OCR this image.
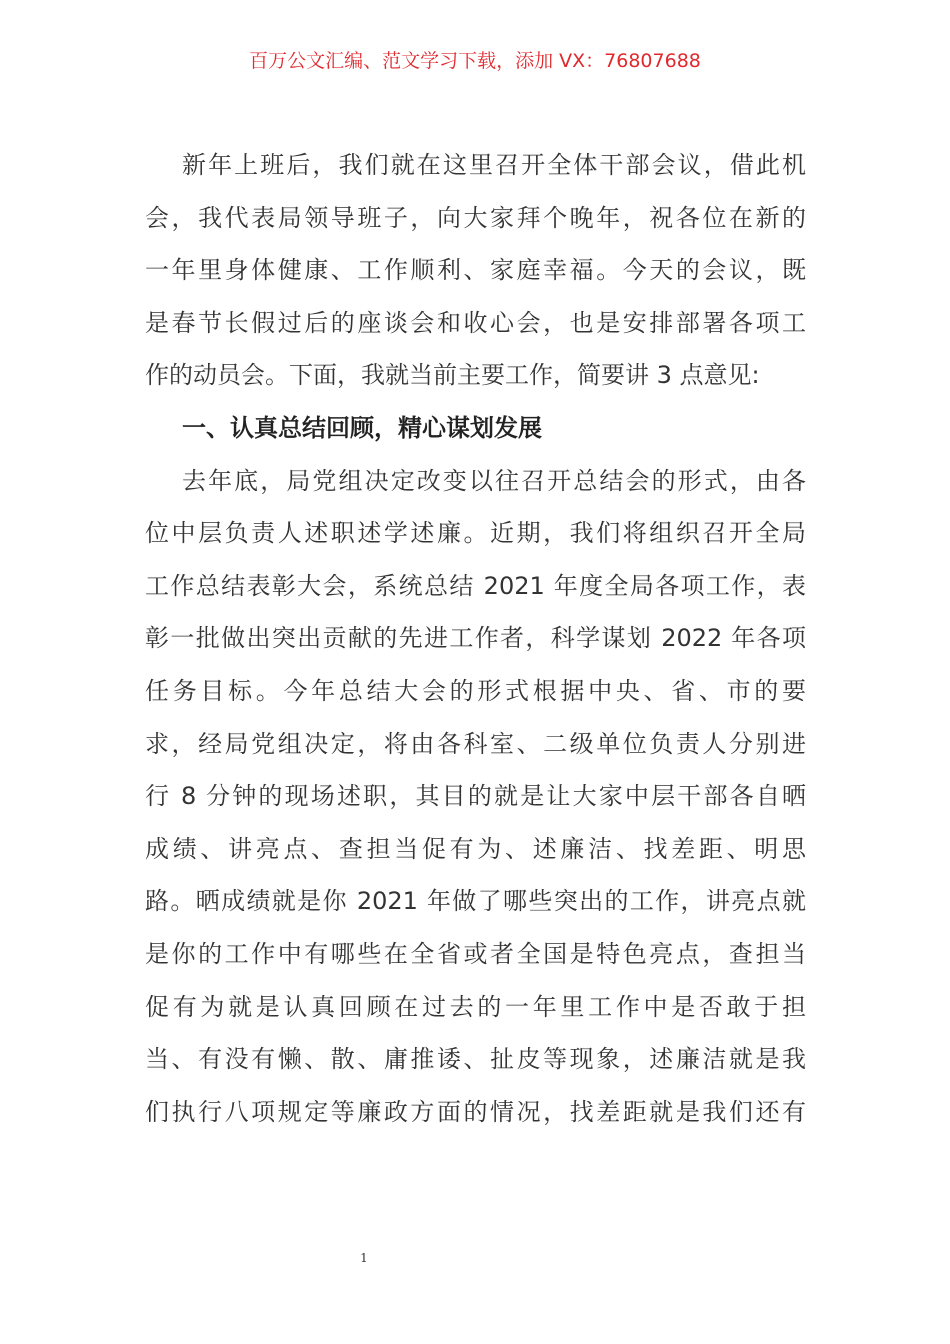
百万公文汇编、范文学习下载，添加 VX：76807688
新年上班后，我们就在这里召开全体干部会议，借此机
会，我代表局领导班子，向大家拜个晚年，祝各位在新的
一年里身体健康、工作顺利、家庭幸福。今天的会议，既
是春节长假过后的座谈会和收心会，也是安排部署各项工
作的动员会。下面，我就当前主要工作，简要讲 3 点意见:
一、认真总结回顾，精心谋划发展
去年底，局党组决定改变以往召开总结会的形式，由各
位中层负责人述职述学述廉。近期，我们将组织召开全局
工作总结表彰大会，系统总结 2021 年度全局各项工作，表
彰一批做出突出贡献的先进工作者，科学谋划 2022 年各项
任务目标。今年总结大会的形式根据中央、省、市的要
求，经局党组决定，将由各科室、二级单位负责人分别进
行 8 分钟的现场述职，其目的就是让大家中层干部各自晒
成绩、讲亮点、查担当促有为、述廉洁、找差距、明思
路。晒成绩就是你 2021 年做了哪些突出的工作，讲亮点就
是你的工作中有哪些在全省或者全国是特色亮点，查担当
促有为就是认真回顾在过去的一年里工作中是否敢于担
当、有没有懒、散、庸推诿、扯皮等现象，述廉洁就是我
们执行八项规定等廉政方面的情况，找差距就是我们还有
1
